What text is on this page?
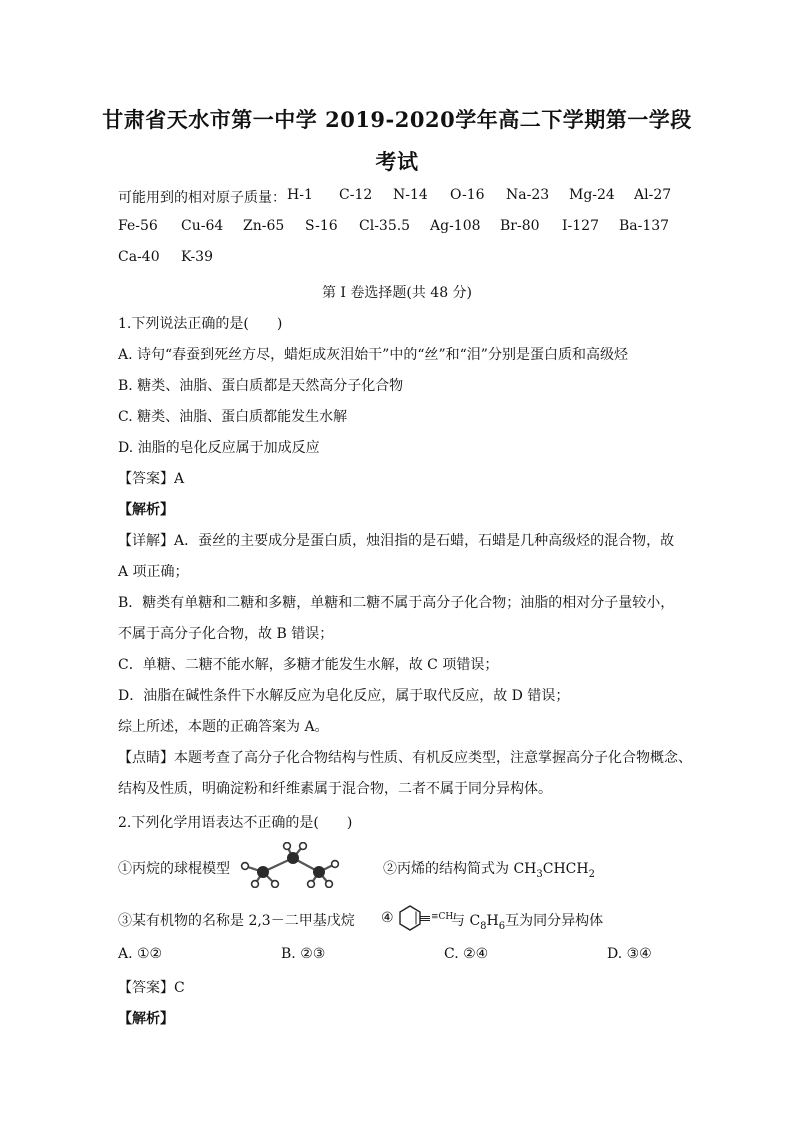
甘肃省天水市第一中学 2019-2020学年高二下学期第一学段
考试
可能用到的相对原子质量： H-1 C-12 N-14 O-16 Na-23 Mg-24 Al-27
Fe-56 Cu-64 Zn-65 S-16 Cl-35.5 Ag-108 Br-80 I-127 Ba-137
Ca-40 K-39
第 I 卷选择题(共 48 分)
1.下列说法正确的是(　　)
A. 诗句“春蚕到死丝方尽，蜡炬成灰泪始干”中的“丝”和“泪”分别是蛋白质和高级烃
B. 糖类、油脂、蛋白质都是天然高分子化合物
C. 糖类、油脂、蛋白质都能发生水解
D. 油脂的皂化反应属于加成反应
【答案】A
【解析】
【详解】A．蚕丝的主要成分是蛋白质，烛泪指的是石蜡，石蜡是几种高级烃的混合物，故
A 项正确；
B．糖类有单糖和二糖和多糖，单糖和二糖不属于高分子化合物；油脂的相对分子量较小，
不属于高分子化合物，故 B 错误；
C．单糖、二糖不能水解，多糖才能发生水解，故 C 项错误；
D．油脂在碱性条件下水解反应为皂化反应，属于取代反应，故 D 错误；
综上所述，本题的正确答案为 A。
【点睛】本题考查了高分子化合物结构与性质、有机反应类型，注意掌握高分子化合物概念、
结构及性质，明确淀粉和纤维素属于混合物，二者不属于同分异构体。
2.下列化学用语表达不正确的是(　　)
①丙烷的球棍模型	②丙烯的结构简式为 $CH_3CHCH_2$
③某有机物的名称是 2,3－二甲基戊烷 ④	≡CH
与 $C_8H_6$互为同分异构体
A. ①②	B. ②③	C. ②④	D. ③④
【答案】C
【解析】
